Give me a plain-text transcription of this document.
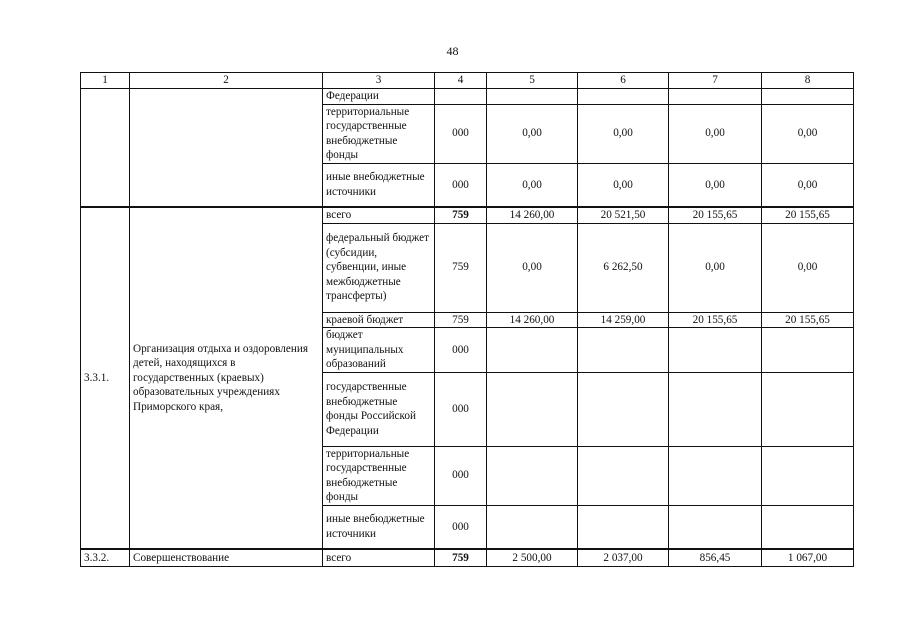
48
1	2	3	4	5	6	7	8
		Федерации					
		территориальные государственные внебюджетные фонды	000	0,00	0,00	0,00	0,00
		иные внебюджетные источники	000	0,00	0,00	0,00	0,00
3.3.1.	Организация отдыха и оздоровления детей, находящихся в государственных (краевых) образовательных учреждениях Приморского края,	всего	759	14 260,00	20 521,50	20 155,65	20 155,65
		федеральный бюджет (субсидии, субвенции, иные межбюджетные трансферты)	759	0,00	6 262,50	0,00	0,00
		краевой бюджет	759	14 260,00	14 259,00	20 155,65	20 155,65
		бюджет муниципальных образований	000				
		государственные внебюджетные фонды Российской Федерации	000				
		территориальные государственные внебюджетные фонды	000				
		иные внебюджетные источники	000				
3.3.2.	Совершенствование	всего	759	2 500,00	2 037,00	856,45	1 067,00
